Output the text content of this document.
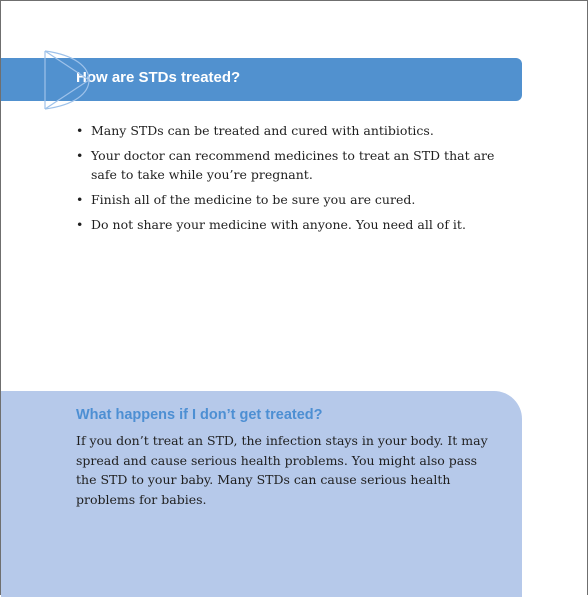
How are STDs treated?
• Many STDs can be treated and cured with antibiotics.
• Your doctor can recommend medicines to treat an STD that are safe to take while you’re pregnant.
• Finish all of the medicine to be sure you are cured.
• Do not share your medicine with anyone. You need all of it.
What happens if I don’t get treated?

If you don’t treat an STD, the infection stays in your body. It may spread and cause serious health problems. You might also pass the STD to your baby. Many STDs can cause serious health problems for babies.
